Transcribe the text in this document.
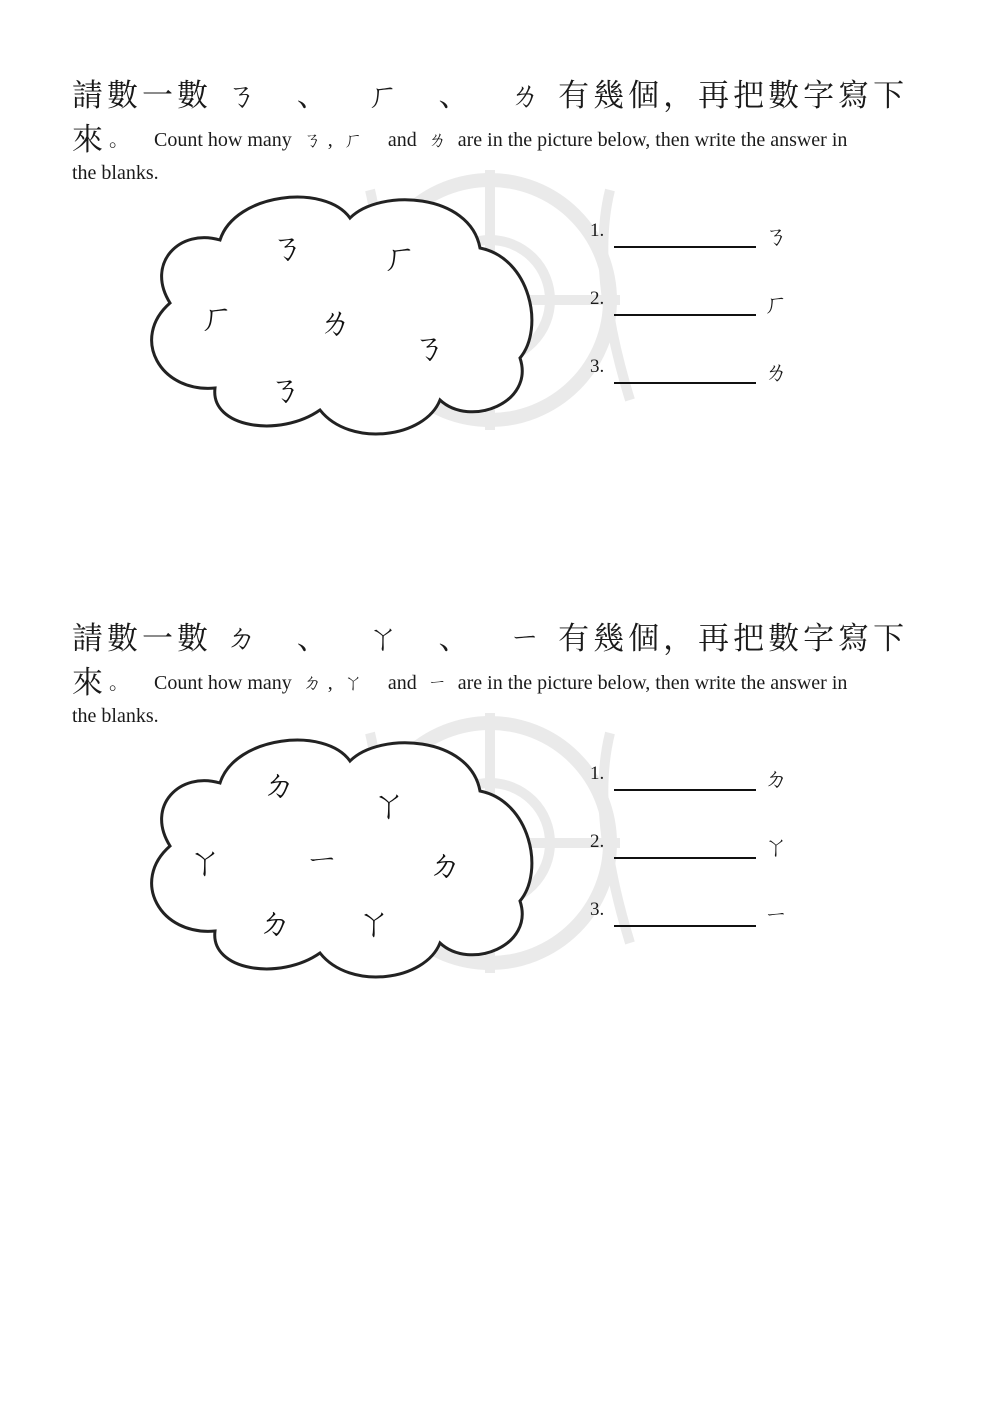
請數一數 ㄋ 、 ㄏ 、 ㄌ 有幾個，再把數字寫下
來 。 Count how many ㄋ , ㄏ and ㄌ are in the picture below, then write the answer in
the blanks.
ㄋ ㄏ
ㄏ ㄌ
ㄋ
ㄋ
1.	ㄋ
2.	ㄏ
3.	ㄌ
請數一數 ㄉ 、 ㄚ 、 ㄧ 有幾個，再把數字寫下
來 。 Count how many ㄉ , ㄚ and ㄧ are in the picture below, then write the answer in
the blanks.
ㄉ ㄚ
ㄚ ㄧ	ㄉ
ㄉ ㄚ
1.	ㄉ
2.	ㄚ
3.	ㄧ
